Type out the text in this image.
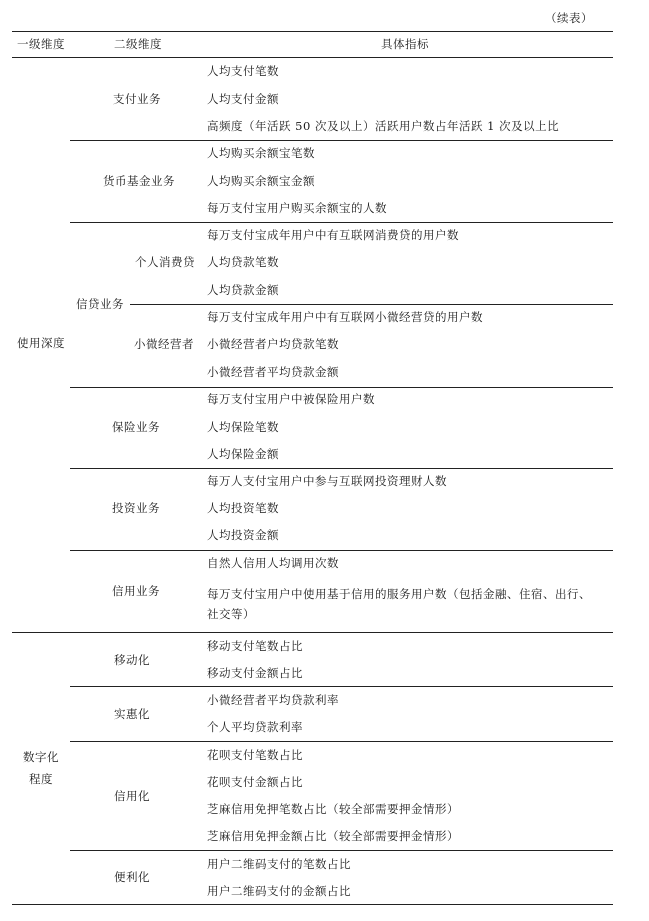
（续表）
一级维度	二级维度	具体指标
使用深度
支付业务
人均支付笔数
人均支付金额
高频度（年活跃 50 次及以上）活跃用户数占年活跃 1 次及以上比
货币基金业务
人均购买余额宝笔数
人均购买余额宝金额
每万支付宝用户购买余额宝的人数
信贷业务
个人消费贷
每万支付宝成年用户中有互联网消费贷的用户数
人均贷款笔数
人均贷款金额
小微经营者
每万支付宝成年用户中有互联网小微经营贷的用户数
小微经营者户均贷款笔数
小微经营者平均贷款金额
保险业务
每万支付宝用户中被保险用户数
人均保险笔数
人均保险金额
投资业务
每万人支付宝用户中参与互联网投资理财人数
人均投资笔数
人均投资金额
信用业务
自然人信用人均调用次数
每万支付宝用户中使用基于信用的服务用户数（包括金融、住宿、出行、社交等）
数字化
程度
移动化
移动支付笔数占比
移动支付金额占比
实惠化
小微经营者平均贷款利率
个人平均贷款利率
信用化
花呗支付笔数占比
花呗支付金额占比
芝麻信用免押笔数占比（较全部需要押金情形）
芝麻信用免押金额占比（较全部需要押金情形）
便利化
用户二维码支付的笔数占比
用户二维码支付的金额占比
